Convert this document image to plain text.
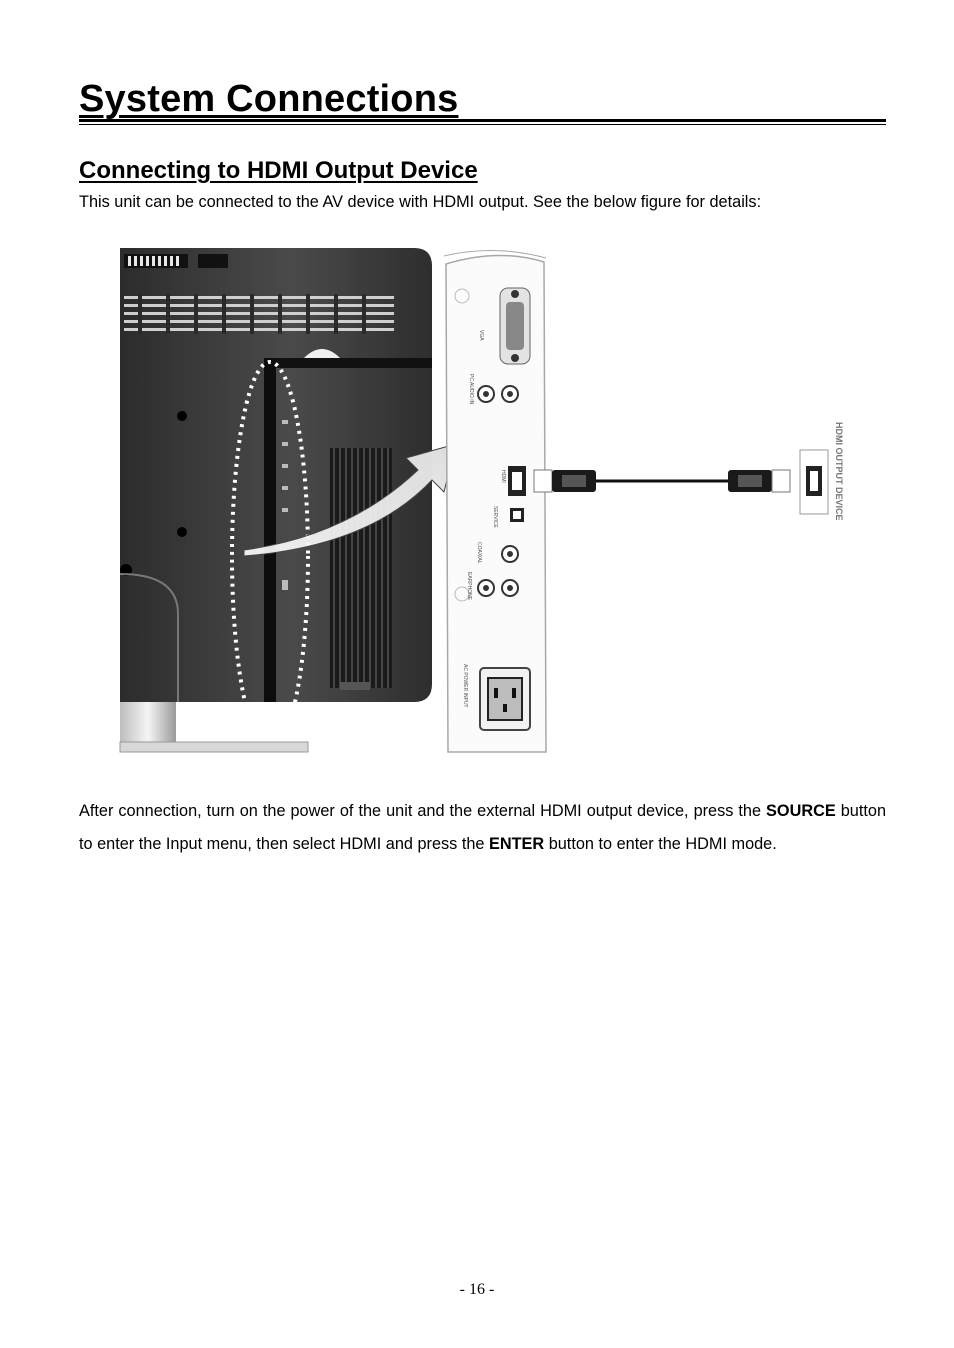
System Connections
Connecting to HDMI Output Device
This unit can be connected to the AV device with HDMI output. See the below figure for details:
VGA
PC AUDIO IN
HDMI
SERVICE
COAXIAL
EARPHONE
AC POWER INPUT
HDMI OUTPUT DEVICE

After connection, turn on the power of the unit and the external HDMI output device, press the SOURCE button to enter the Input menu, then select HDMI and press the ENTER button to enter the HDMI mode.

- 16 -
